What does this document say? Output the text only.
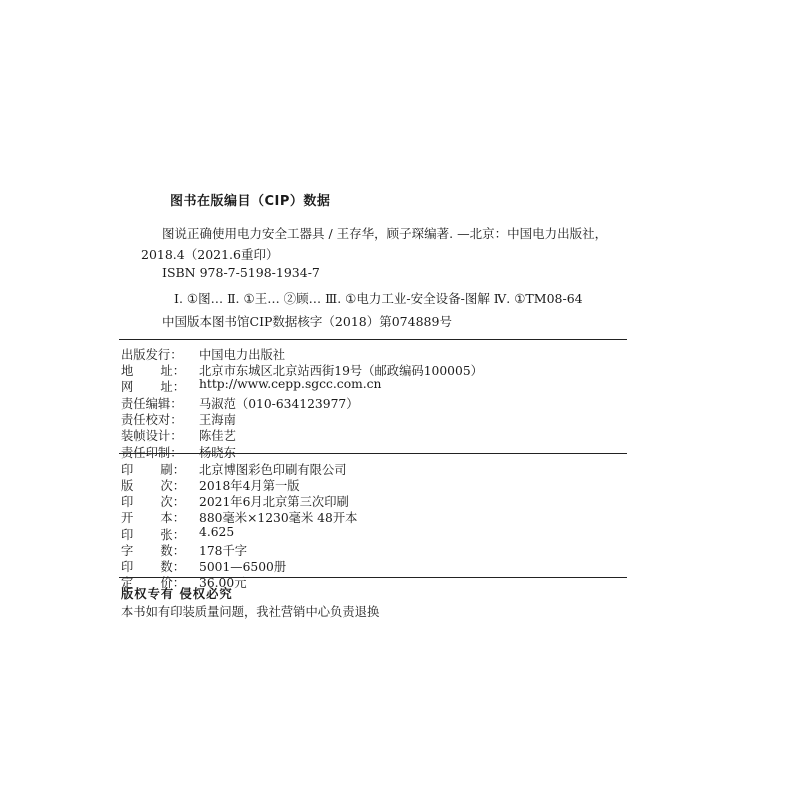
图书在版编目（CIP）数据
图说正确使用电力安全工器具 / 王存华，顾子琛编著. —北京：中国电力出版社，
2018.4（2021.6重印）
ISBN 978-7-5198-1934-7
Ⅰ. ①图… Ⅱ. ①王… ②顾… Ⅲ. ①电力工业-安全设备-图解 Ⅳ. ①TM08-64
中国版本图书馆CIP数据核字（2018）第074889号
出版发行：	中国电力出版社
地 址： 北京市东城区北京站西街19号（邮政编码100005）
网 址： http://www.cepp.sgcc.com.cn
责任编辑：	马淑范（010-634123977）
责任校对：	王海南
装帧设计：	陈佳艺
责任印制：	杨晓东
印 刷： 北京博图彩色印刷有限公司
版 次： 2018年4月第一版
印 次： 2021年6月北京第三次印刷
开 本： 880毫米×1230毫米 48开本
印 张： 4.625
字 数： 178千字
印 数： 5001—6500册
定 价： 36.00元
版权专有 侵权必究
本书如有印装质量问题，我社营销中心负责退换
